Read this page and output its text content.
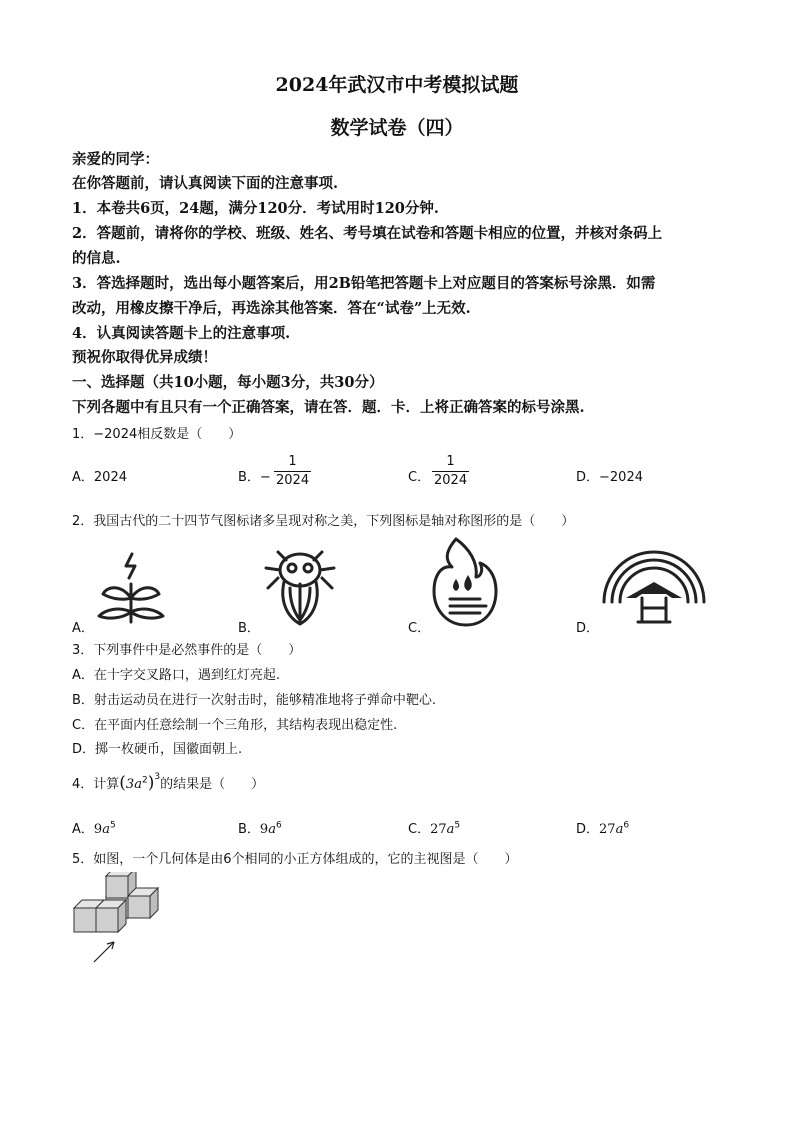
2024年武汉市中考模拟试题
数学试卷（四）
亲爱的同学：
在你答题前，请认真阅读下面的注意事项.
1．本卷共6页，24题，满分120分．考试用时120分钟.
2．答题前，请将你的学校、班级、姓名、考号填在试卷和答题卡相应的位置，并核对条码上
的信息.
3．答选择题时，选出每小题答案后，用2B铅笔把答题卡上对应题目的答案标号涂黑．如需
改动，用橡皮擦干净后，再选涂其他答案．答在“试卷”上无效.
4．认真阅读答题卡上的注意事项.
预祝你取得优异成绩！
一、选择题（共10小题，每小题3分，共30分）
下列各题中有且只有一个正确答案，请在答．题．卡．上将正确答案的标号涂黑.
1．−2024相反数是（　　）
A．2024	B．−
1
2024	C．
1
2024	D．−2024
2．我国古代的二十四节气图标诸多呈现对称之美，下列图标是轴对称图形的是（　　）
A．	B．	C．	D．
3．下列事件中是必然事件的是（　　）
A．在十字交叉路口，遇到红灯亮起.
B．射击运动员在进行一次射击时，能够精准地将子弹命中靶心.
C．在平面内任意绘制一个三角形，其结构表现出稳定性.
D．掷一枚硬币，国徽面朝上.
4．计算$(3a^2)^3$的结果是（　　）
A．$9a^5$	B．$9a^6$	C．$27a^5$	D．$27a^6$
5．如图，一个几何体是由6个相同的小正方体组成的，它的主视图是（　　）
